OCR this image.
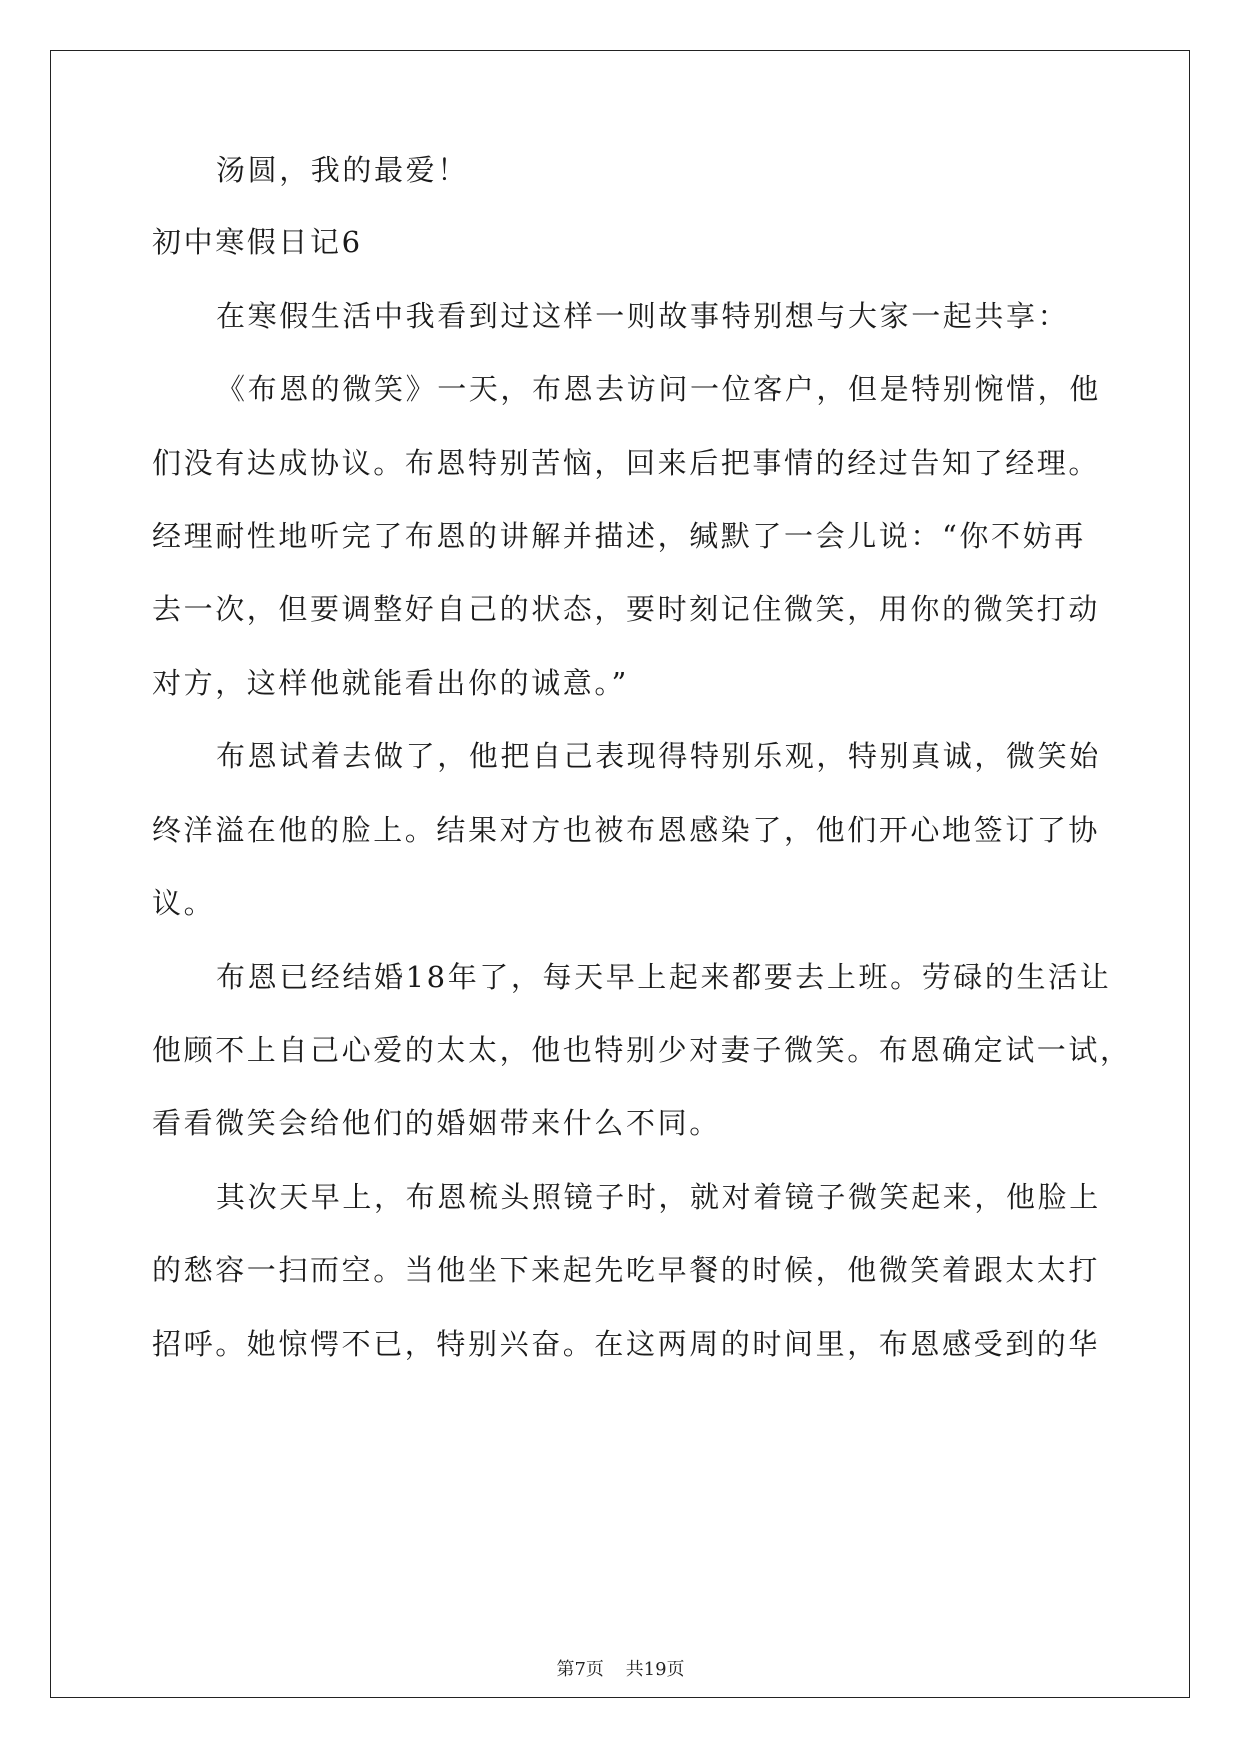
汤圆，我的最爱！
初中寒假日记6
在寒假生活中我看到过这样一则故事特别想与大家一起共享：
《布恩的微笑》一天，布恩去访问一位客户，但是特别惋惜，他
们没有达成协议。布恩特别苦恼，回来后把事情的经过告知了经理。
经理耐性地听完了布恩的讲解并描述，缄默了一会儿说：“你不妨再
去一次，但要调整好自己的状态，要时刻记住微笑，用你的微笑打动
对方，这样他就能看出你的诚意。”
布恩试着去做了，他把自己表现得特别乐观，特别真诚，微笑始
终洋溢在他的脸上。结果对方也被布恩感染了，他们开心地签订了协
议。
布恩已经结婚18年了，每天早上起来都要去上班。劳碌的生活让
他顾不上自己心爱的太太，他也特别少对妻子微笑。布恩确定试一试，
看看微笑会给他们的婚姻带来什么不同。
其次天早上，布恩梳头照镜子时，就对着镜子微笑起来，他脸上
的愁容一扫而空。当他坐下来起先吃早餐的时候，他微笑着跟太太打
招呼。她惊愕不已，特别兴奋。在这两周的时间里，布恩感受到的华
第7页 共19页
